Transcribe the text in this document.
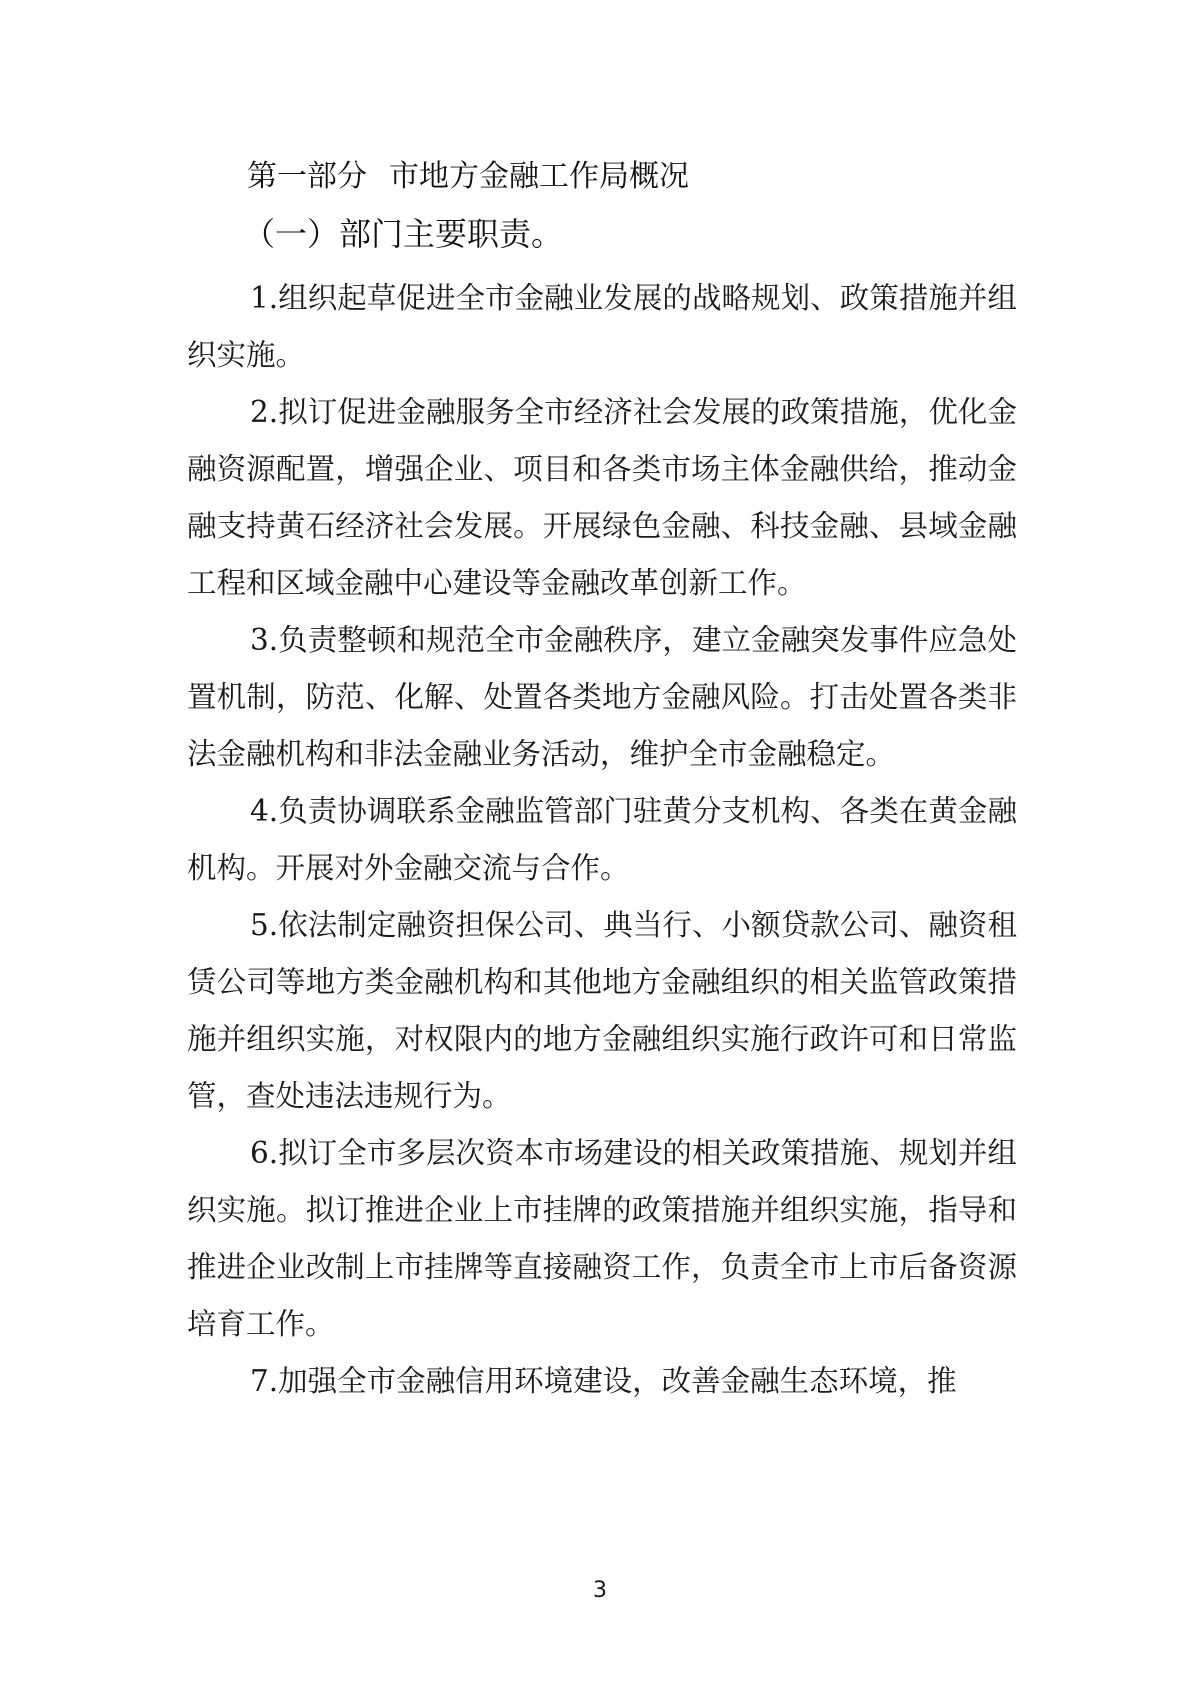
第一部分 市地方金融工作局概况
（一）部门主要职责。

1.组织起草促进全市金融业发展的战略规划、政策措施并组织实施。

2.拟订促进金融服务全市经济社会发展的政策措施，优化金融资源配置，增强企业、项目和各类市场主体金融供给，推动金融支持黄石经济社会发展。开展绿色金融、科技金融、县域金融工程和区域金融中心建设等金融改革创新工作。

3.负责整顿和规范全市金融秩序，建立金融突发事件应急处置机制，防范、化解、处置各类地方金融风险。打击处置各类非法金融机构和非法金融业务活动，维护全市金融稳定。

4.负责协调联系金融监管部门驻黄分支机构、各类在黄金融机构。开展对外金融交流与合作。

5.依法制定融资担保公司、典当行、小额贷款公司、融资租赁公司等地方类金融机构和其他地方金融组织的相关监管政策措施并组织实施，对权限内的地方金融组织实施行政许可和日常监管，查处违法违规行为。

6.拟订全市多层次资本市场建设的相关政策措施、规划并组织实施。拟订推进企业上市挂牌的政策措施并组织实施，指导和推进企业改制上市挂牌等直接融资工作，负责全市上市后备资源培育工作。

7.加强全市金融信用环境建设，改善金融生态环境，推

3
